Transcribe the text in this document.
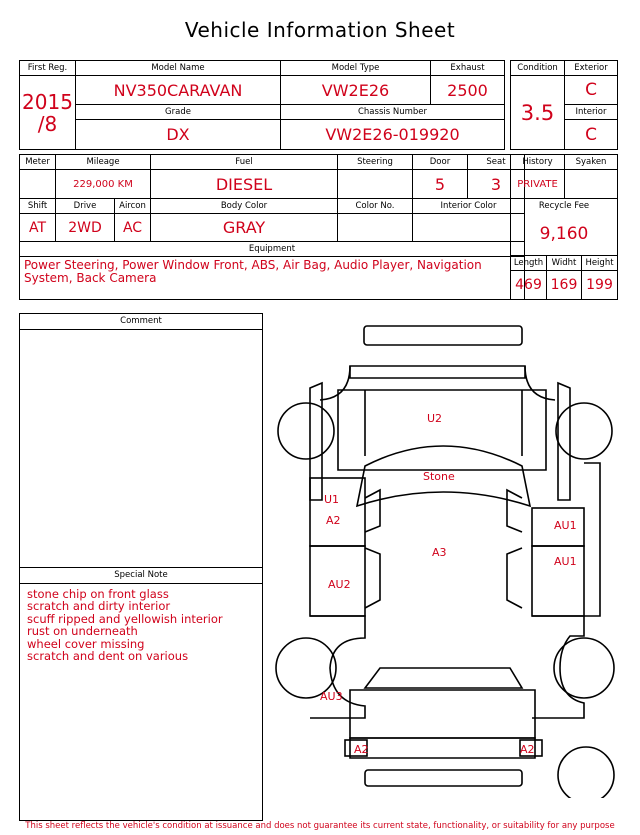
Vehicle Information Sheet
First Reg.	Model Name	Model Type	Exhaust

2015
/8	NV350CARAVAN	VW2E26	2500
	Grade	Chassis Number	
	DX	VW2E26-019920	
Condition	Exterior
3.5	C
	Interior
	C
Meter	Mileage		Fuel	Steering	Door	Seat
	229,000 KM		DIESEL		5	3
Shift	Drive	Aircon	Body Color	Color No.	Interior Color	
AT	2WD	AC	GRAY			
Equipment						
Power Steering, Power Window Front, ABS, Air Bag, Audio Player, Navigation System, Back Camera						
History		Syaken	
PRIVATE			
Recycle Fee			
9,160			
Length	Widht		Height
469	169		199
Comment
Special Note
stone chip on front glass
scratch and dirty interior
scuff ripped and yellowish interior
rust on underneath
wheel cover missing
scratch and dent on various
U2
Stone
U1
A2
A3
AU2
AU3
AU1
AU1
A2	A2
This sheet reflects the vehicle's condition at issuance and does not guarantee its current state, functionality, or suitability for any purpose
